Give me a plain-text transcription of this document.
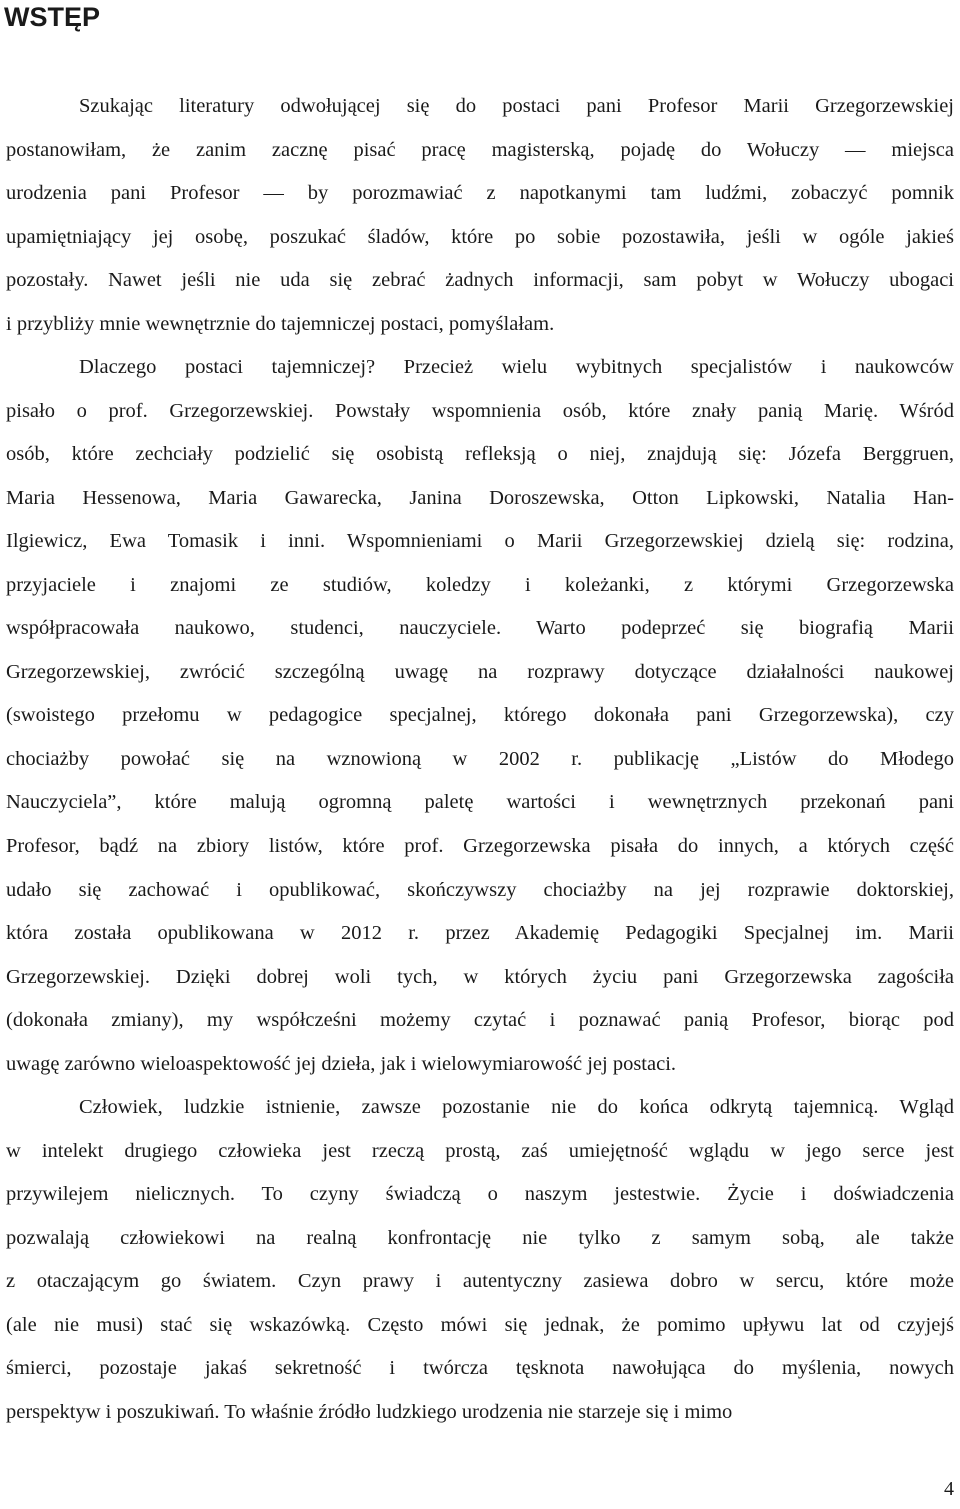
WSTĘP
Szukając literatury odwołującej się do postaci pani Profesor Marii Grzegorzewskiej
postanowiłam, że zanim zacznę pisać pracę magisterską, pojadę do Wołuczy — miejsca
urodzenia pani Profesor — by porozmawiać z napotkanymi tam ludźmi, zobaczyć pomnik
upamiętniający jej osobę, poszukać śladów, które po sobie pozostawiła, jeśli w ogóle jakieś
pozostały. Nawet jeśli nie uda się zebrać żadnych informacji, sam pobyt w Wołuczy ubogaci
i przybliży mnie wewnętrznie do tajemniczej postaci, pomyślałam.
Dlaczego postaci tajemniczej? Przecież wielu wybitnych specjalistów i naukowców
pisało o prof. Grzegorzewskiej. Powstały wspomnienia osób, które znały panią Marię. Wśród
osób, które zechciały podzielić się osobistą refleksją o niej, znajdują się: Józefa Berggruen,
Maria Hessenowa, Maria Gawarecka, Janina Doroszewska, Otton Lipkowski, Natalia Han-
Ilgiewicz, Ewa Tomasik i inni. Wspomnieniami o Marii Grzegorzewskiej dzielą się: rodzina,
przyjaciele i znajomi ze studiów, koledzy i koleżanki, z którymi Grzegorzewska
współpracowała naukowo, studenci, nauczyciele. Warto podeprzeć się biografią Marii
Grzegorzewskiej, zwrócić szczególną uwagę na rozprawy dotyczące działalności naukowej
(swoistego przełomu w pedagogice specjalnej, którego dokonała pani Grzegorzewska), czy
chociażby powołać się na wznowioną w 2002 r. publikację „Listów do Młodego
Nauczyciela”, które malują ogromną paletę wartości i wewnętrznych przekonań pani
Profesor, bądź na zbiory listów, które prof. Grzegorzewska pisała do innych, a których część
udało się zachować i opublikować, skończywszy chociażby na jej rozprawie doktorskiej,
która została opublikowana w 2012 r. przez Akademię Pedagogiki Specjalnej im. Marii
Grzegorzewskiej. Dzięki dobrej woli tych, w których życiu pani Grzegorzewska zagościła
(dokonała zmiany), my współcześni możemy czytać i poznawać panią Profesor, biorąc pod
uwagę zarówno wieloaspektowość jej dzieła, jak i wielowymiarowość jej postaci.
Człowiek, ludzkie istnienie, zawsze pozostanie nie do końca odkrytą tajemnicą. Wgląd
w intelekt drugiego człowieka jest rzeczą prostą, zaś umiejętność wglądu w jego serce jest
przywilejem nielicznych. To czyny świadczą o naszym jestestwie. Życie i doświadczenia
pozwalają człowiekowi na realną konfrontację nie tylko z samym sobą, ale także
z otaczającym go światem. Czyn prawy i autentyczny zasiewa dobro w sercu, które może
(ale nie musi) stać się wskazówką. Często mówi się jednak, że pomimo upływu lat od czyjejś
śmierci, pozostaje jakaś sekretność i twórcza tęsknota nawołująca do myślenia, nowych
perspektyw i poszukiwań. To właśnie źródło ludzkiego urodzenia nie starzeje się i mimo
4
